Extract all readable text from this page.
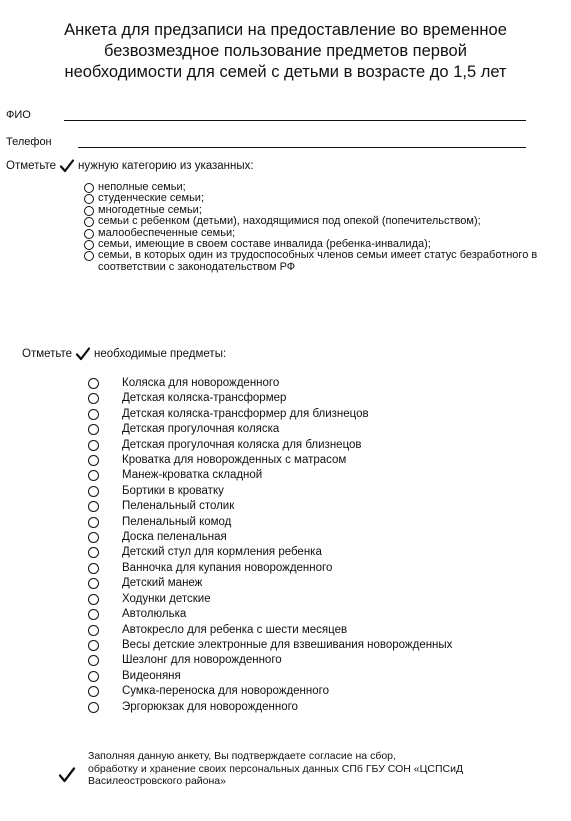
Анкета для предзаписи на предоставление во временное
безвозмездное пользование предметов первой
необходимости для семей с детьми в возрасте до 1,5 лет
ФИО
Телефон
Отметьте нужную категорию из указанных:
неполные семьи;
студенческие семьи;
многодетные семьи;
семьи с ребенком (детьми), находящимися под опекой (попечительством);
малообеспеченные семьи;
семьи, имеющие в своем составе инвалида (ребенка-инвалида);
семьи, в которых один из трудоспособных членов семьи имеет статус безработного в соответствии с законодательством РФ
Отметьте необходимые предметы:
Коляска для новорожденного
Детская коляска-трансформер
Детская коляска-трансформер для близнецов
Детская прогулочная коляска
Детская прогулочная коляска для близнецов
Кроватка для новорожденных с матрасом
Манеж-кроватка складной
Бортики в кроватку
Пеленальный столик
Пеленальный комод
Доска пеленальная
Детский стул для кормления ребенка
Ванночка для купания новорожденного
Детский манеж
Ходунки детские
Автолюлька
Автокресло для ребенка с шести месяцев
Весы детские электронные для взвешивания новорожденных
Шезлонг для новорожденного
Видеоняня
Сумка-переноска для новорожденного
Эргорюкзак для новорожденного
Заполняя данную анкету, Вы подтверждаете согласие на сбор,
обработку и хранение своих персональных данных СПб ГБУ СОН «ЦСПСиД
Василеостровского района»
